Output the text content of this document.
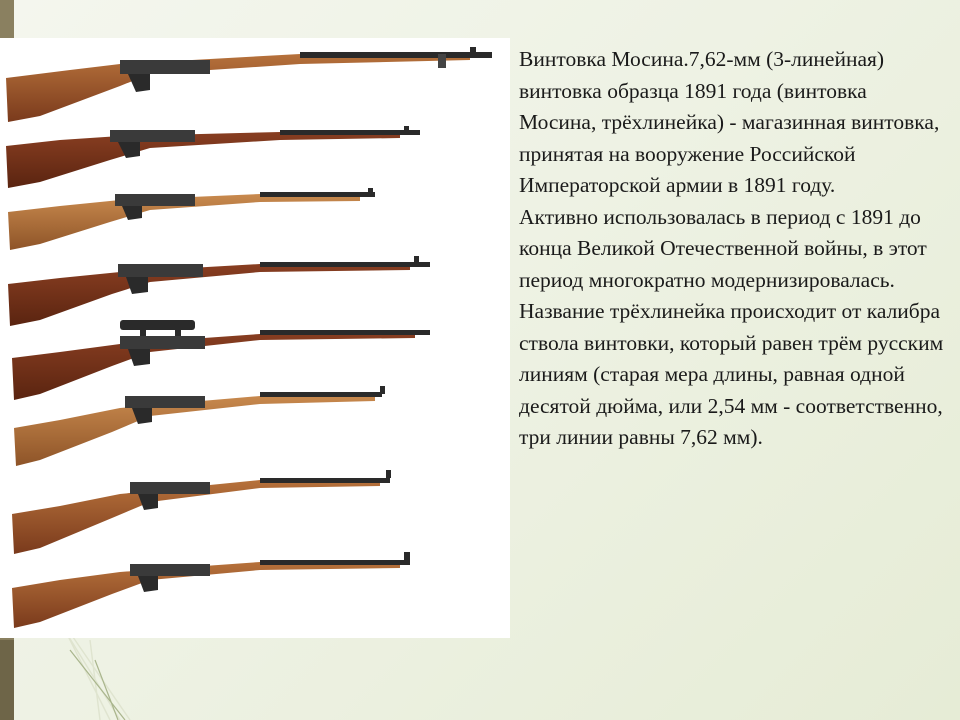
Винтовка Мосина.7,62-мм (3-линейная) винтовка образца 1891 года (винтовка Мосина, трёхлинейка) - магазинная винтовка, принятая на вооружение Российской Императорской армии в 1891 году.

Активно использовалась в период с 1891 до конца Великой Отечественной войны, в этот период многократно модернизировалась.

Название трёхлинейка происходит от калибра ствола винтовки, который равен трём русским линиям (старая мера длины, равная одной десятой дюйма, или 2,54 мм - соответственно, три линии равны 7,62 мм).
